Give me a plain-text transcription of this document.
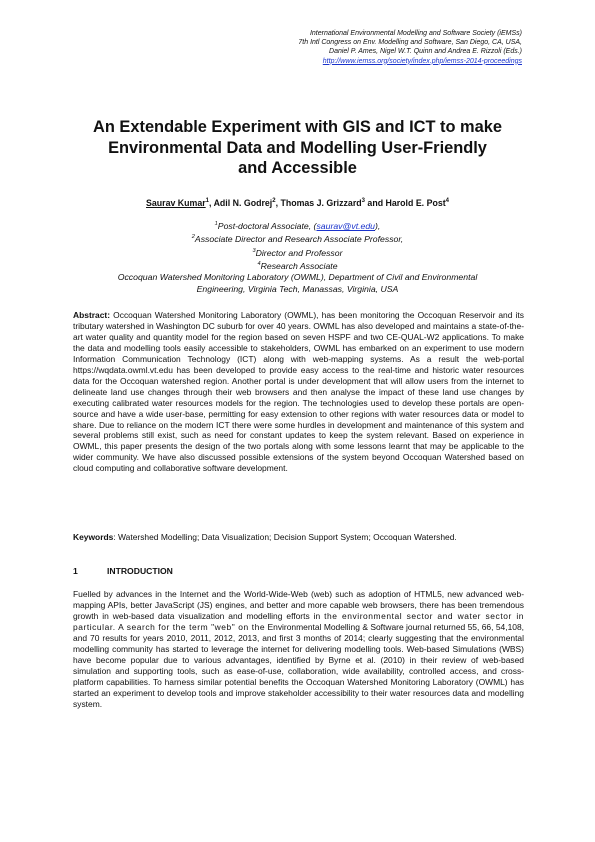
International Environmental Modelling and Software Society (iEMSs)
7th Intl Congress on Env. Modelling and Software, San Diego, CA, USA,
Daniel P. Ames, Nigel W.T. Quinn and Andrea E. Rizzoli (Eds.)
http://www.iemss.org/society/index.php/iemss-2014-proceedings
An Extendable Experiment with GIS and ICT to make
Environmental Data and Modelling User-Friendly
and Accessible
Saurav Kumar$^1$, Adil N. Godrej$^2$, Thomas J. Grizzard$^3$ and Harold E. Post$^4$
$^1$Post-doctoral Associate, (saurav@vt.edu),
$^2$Associate Director and Research Associate Professor,
$^3$Director and Professor
$^4$Research Associate
Occoquan Watershed Monitoring Laboratory (OWML), Department of Civil and Environmental
Engineering, Virginia Tech, Manassas, Virginia, USA
Abstract: Occoquan Watershed Monitoring Laboratory (OWML), has been monitoring the Occoquan Reservoir and its tributary watershed in Washington DC suburb for over 40 years. OWML has also developed and maintains a state-of-the-art water quality and quantity model for the region based on seven HSPF and two CE-QUAL-W2 applications. To make the data and modelling tools easily accessible to stakeholders, OWML has embarked on an experiment to use modern Information Communication Technology (ICT) along with web-mapping systems. As a result the web-portal https://wqdata.owml.vt.edu has been developed to provide easy access to the real-time and historic water resources data for the Occoquan watershed region. Another portal is under development that will allow users from the internet to delineate land use changes through their web browsers and then analyse the impact of these land use changes by executing calibrated water resources models for the region. The technologies used to develop these portals are open-source and have a wide user-base, permitting for easy extension to other regions with water resources data or model to share. Due to reliance on the modern ICT there were some hurdles in development and maintenance of this system and several problems still exist, such as need for constant updates to keep the system relevant. Based on experience in OWML, this paper presents the design of the two portals along with some lessons learnt that may be applicable to the wider community. We have also discussed possible extensions of the system beyond Occoquan Watershed based on cloud computing and collaborative software development.
Keywords: Watershed Modelling; Data Visualization; Decision Support System; Occoquan Watershed.
1	INTRODUCTION
Fuelled by advances in the Internet and the World-Wide-Web (web) such as adoption of HTML5, new advanced web-mapping APIs, better JavaScript (JS) engines, and better and more capable web browsers, there has been tremendous growth in web-based data visualization and modelling efforts in the environmental sector and water sector in particular. A search for the term "web" on the Environmental Modelling & Software journal returned 55, 66, 54,108, and 70 results for years 2010, 2011, 2012, 2013, and first 3 months of 2014; clearly suggesting that the environmental modelling community has started to leverage the internet for delivering modelling tools. Web-based Simulations (WBS) have become popular due to various advantages, identified by Byrne et al. (2010) in their review of web-based simulation and supporting tools, such as ease-of-use, collaboration, wide availability, controlled access, and cross-platform capabilities. To harness similar potential benefits the Occoquan Watershed Monitoring Laboratory (OWML) has started an experiment to develop tools and improve stakeholder accessibility to their water resources data and modelling system.
